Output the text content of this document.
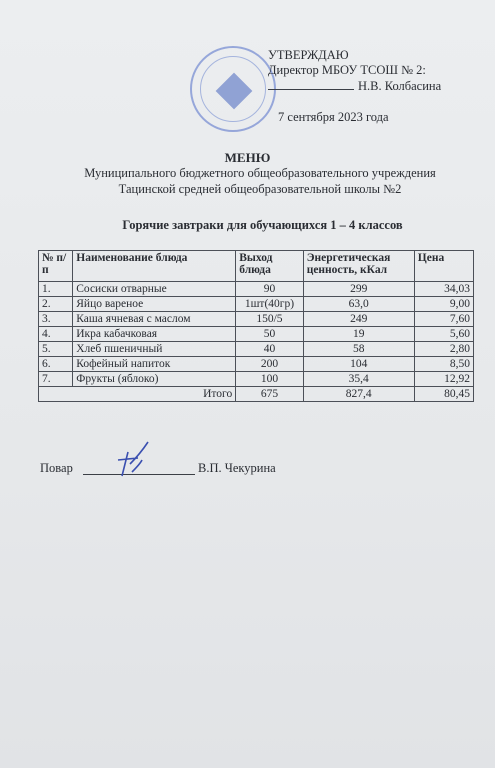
УТВЕРЖДАЮ
Директор МБОУ ТСОШ № 2:
Н.В. Колбасина
7 сентября 2023 года
МЕНЮ
Муниципального бюджетного общеобразовательного учреждения
Тацинской средней общеобразовательной школы №2
Горячие завтраки для обучающихся 1 – 4 классов
№ п/п	Наименование блюда	Выход блюда	Энергетическая ценность, кКал	Цена
1.	Сосиски отварные	90	299	34,03
2.	Яйцо вареное	1шт(40гр)	63,0	9,00
3.	Каша ячневая с маслом	150/5	249	7,60
4.	Икра кабачковая	50	19	5,60
5.	Хлеб пшеничный	40	58	2,80
6.	Кофейный напиток	200	104	8,50
7.	Фрукты (яблоко)	100	35,4	12,92
Итого		675	827,4	80,45
Повар	В.П. Чекурина
